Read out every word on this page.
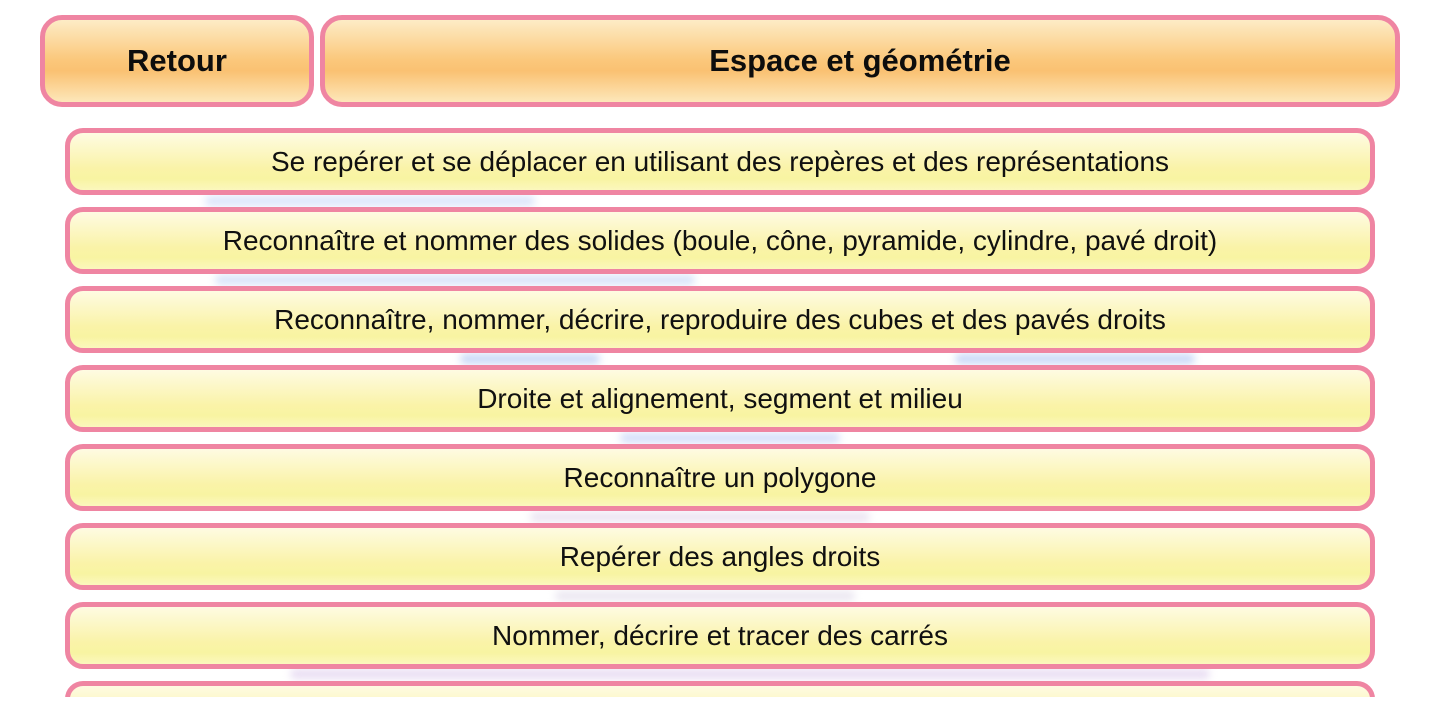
Retour	Espace et géométrie
Se repérer et se déplacer en utilisant des repères et des représentations
Reconnaître et nommer des solides (boule, cône, pyramide, cylindre, pavé droit)
Reconnaître, nommer, décrire, reproduire des cubes et des pavés droits
Droite et alignement, segment et milieu
Reconnaître un polygone
Repérer des angles droits
Nommer, décrire et tracer des carrés
